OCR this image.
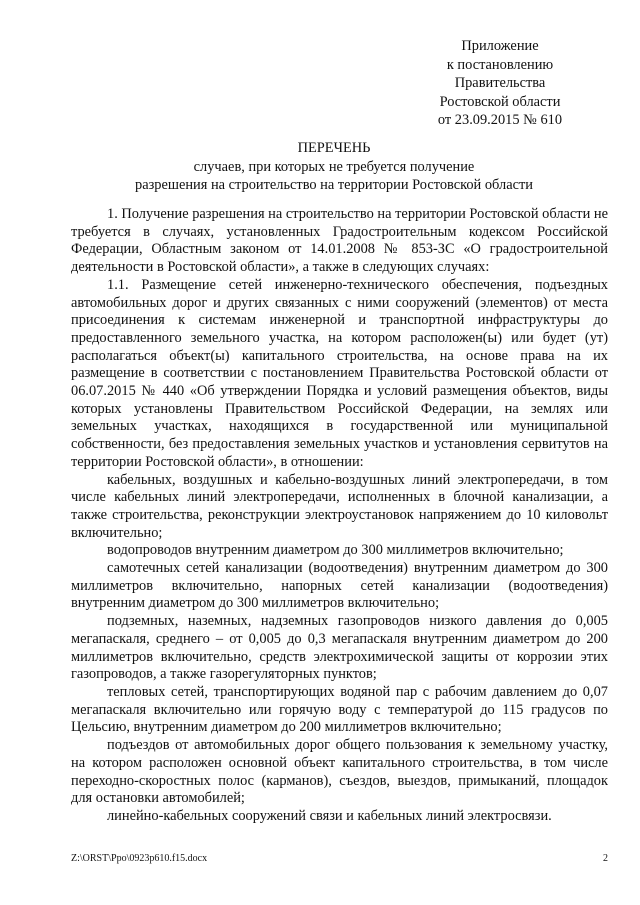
Приложение
к постановлению
Правительства
Ростовской области
от 23.09.2015 № 610
ПЕРЕЧЕНЬ
случаев, при которых не требуется получение
разрешения на строительство на территории Ростовской области

1. Получение разрешения на строительство на территории Ростовской области не требуется в случаях, установленных Градостроительным кодексом Российской Федерации, Областным законом от 14.01.2008 № 853-ЗС «О градостроительной деятельности в Ростовской области», а также в следующих случаях:

1.1. Размещение сетей инженерно-технического обеспечения, подъездных автомобильных дорог и других связанных с ними сооружений (элементов) от места присоединения к системам инженерной и транспортной инфраструктуры до предоставленного земельного участка, на котором расположен(ы) или будет (ут) располагаться объект(ы) капитального строительства, на основе права на их размещение в соответствии с постановлением Правительства Ростовской области от 06.07.2015 № 440 «Об утверждении Порядка и условий размещения объектов, виды которых установлены Правительством Российской Федерации, на землях или земельных участках, находящихся в государственной или муниципальной собственности, без предоставления земельных участков и установления сервитутов на территории Ростовской области», в отношении:

кабельных, воздушных и кабельно-воздушных линий электропередачи, в том числе кабельных линий электропередачи, исполненных в блочной канализации, а также строительства, реконструкции электроустановок напряжением до 10 киловольт включительно;

водопроводов внутренним диаметром до 300 миллиметров включительно;

самотечных сетей канализации (водоотведения) внутренним диаметром до 300 миллиметров включительно, напорных сетей канализации (водоотведения) внутренним диаметром до 300 миллиметров включительно;

подземных, наземных, надземных газопроводов низкого давления до 0,005 мегапаскаля, среднего – от 0,005 до 0,3 мегапаскаля внутренним диаметром до 200 миллиметров включительно, средств электрохимической защиты от коррозии этих газопроводов, а также газорегуляторных пунктов;

тепловых сетей, транспортирующих водяной пар с рабочим давлением до 0,07 мегапаскаля включительно или горячую воду с температурой до 115 градусов по Цельсию, внутренним диаметром до 200 миллиметров включительно;

подъездов от автомобильных дорог общего пользования к земельному участку, на котором расположен основной объект капитального строительства, в том числе переходно-скоростных полос (карманов), съездов, выездов, примыканий, площадок для остановки автомобилей;

линейно-кабельных сооружений связи и кабельных линий электросвязи.

Z:\ORST\Ppo\0923p610.f15.docx	2
